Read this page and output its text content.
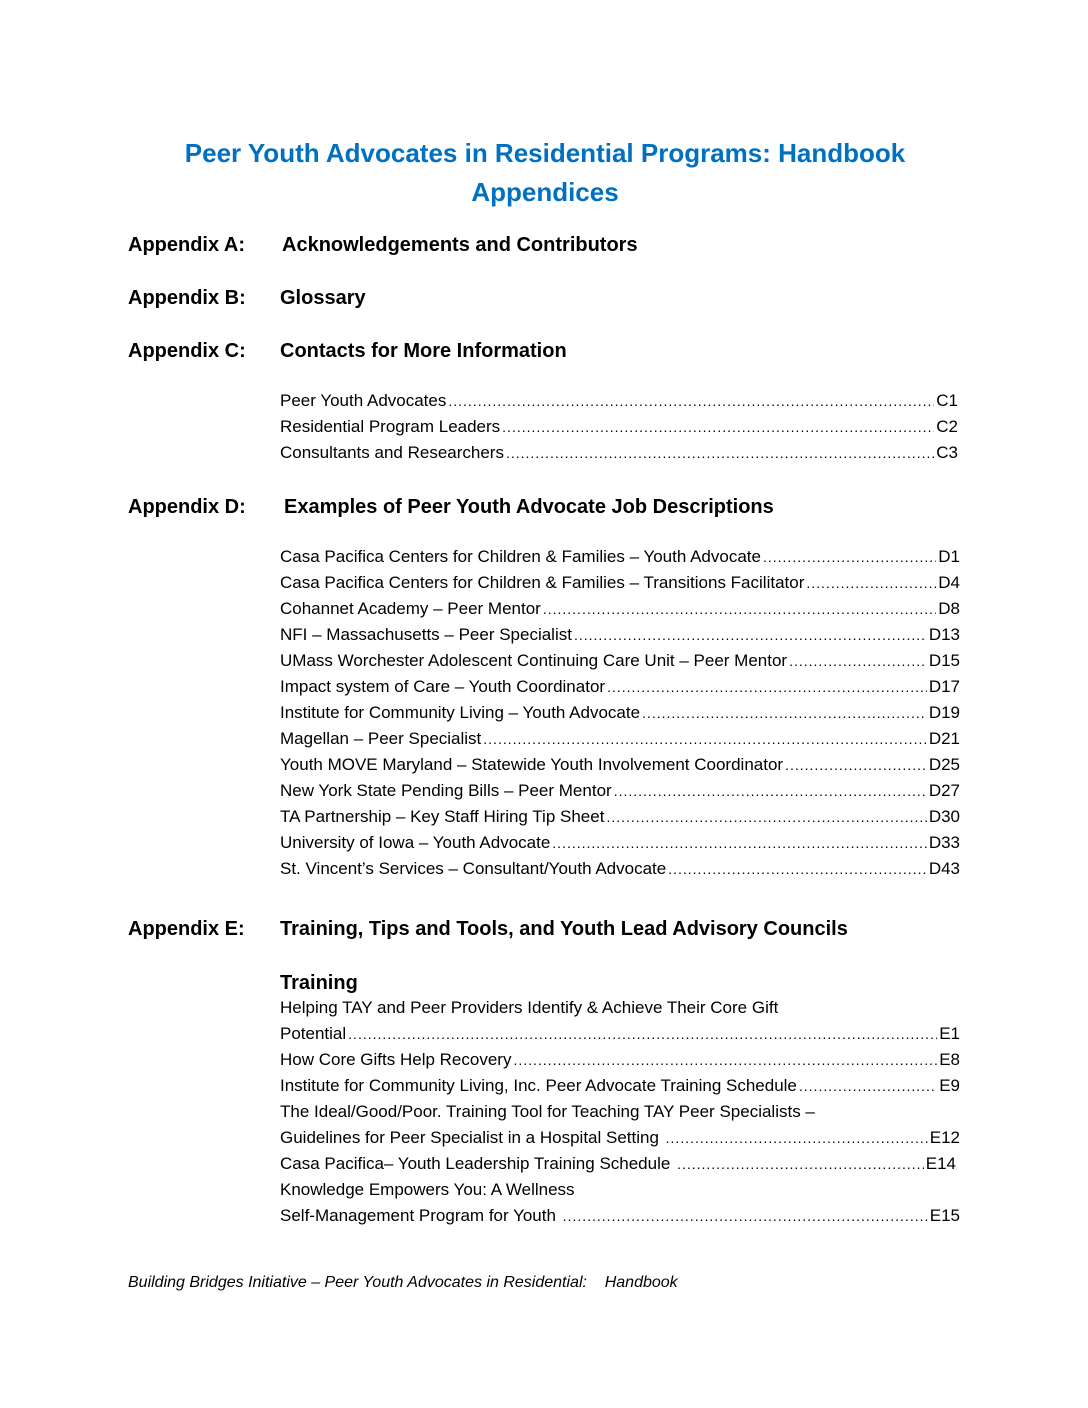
Peer Youth Advocates in Residential Programs: Handbook
Appendices
Appendix A: Acknowledgements and Contributors
Appendix B: Glossary
Appendix C: Contacts for More Information
Peer Youth Advocates .....	C1
Residential Program Leaders .....	C2
Consultants and Researchers .....	C3
Appendix D: Examples of Peer Youth Advocate Job Descriptions
Casa Pacifica Centers for Children & Families – Youth Advocate .....	D1
Casa Pacifica Centers for Children & Families – Transitions Facilitator .....	D4
Cohannet Academy – Peer Mentor .....	D8
NFI – Massachusetts – Peer Specialist .....	D13
UMass Worchester Adolescent Continuing Care Unit – Peer Mentor .....	D15
Impact system of Care – Youth Coordinator .....	D17
Institute for Community Living – Youth Advocate .....	D19
Magellan – Peer Specialist .....	D21
Youth MOVE Maryland – Statewide Youth Involvement Coordinator .....	D25
New York State Pending Bills – Peer Mentor .....	D27
TA Partnership – Key Staff Hiring Tip Sheet .....	D30
University of Iowa – Youth Advocate .....	D33
St. Vincent’s Services – Consultant/Youth Advocate .....	D43
Appendix E: Training, Tips and Tools, and Youth Lead Advisory Councils
Training
Helping TAY and Peer Providers Identify & Achieve Their Core Gift
Potential .....	E1
How Core Gifts Help Recovery .....	E8
Institute for Community Living, Inc. Peer Advocate Training Schedule .....	E9
The Ideal/Good/Poor. Training Tool for Teaching TAY Peer Specialists –
Guidelines for Peer Specialist in a Hospital Setting .....	E12
Casa Pacifica– Youth Leadership Training Schedule .....	E14
Knowledge Empowers You: A Wellness
Self-Management Program for Youth .....	E15
Building Bridges Initiative – Peer Youth Advocates in Residential:    Handbook
